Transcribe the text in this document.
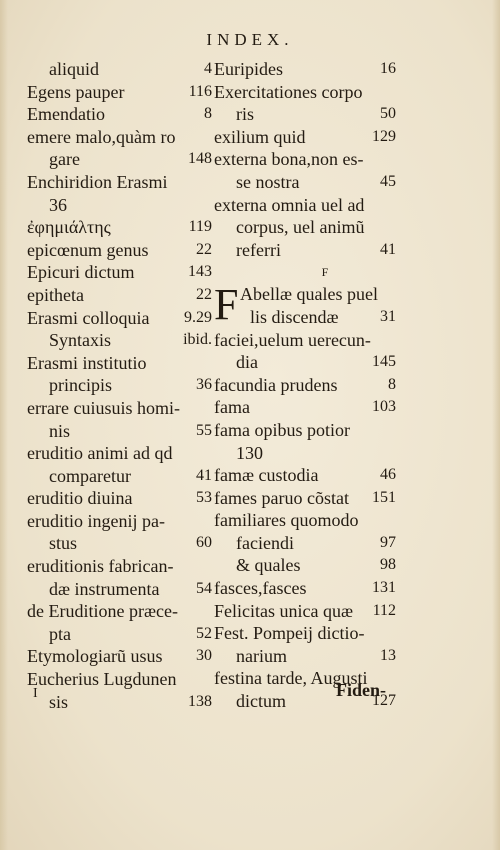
INDEX.
aliquid	4
Egens pauper	116
Emendatio	8
emere malo,quàm ro
gare	148
Enchiridion Erasmi
36
ἐφημιάλτης	119
epicœnum genus	22
Epicuri dictum	143
epitheta	22
Erasmi colloquia 9.29
Syntaxis	ibid.
Erasmi institutio
principis	36
errare cuiusuis homi-
nis	55
eruditio animi ad qd
comparetur	41
eruditio diuina	53
eruditio ingenij pa-
stus	60
eruditionis fabrican-
dæ instrumenta 54
de Eruditione præce-
pta	52
Etymologiarũ usus 30
Eucherius Lugdunen
sis	138
Euripides	16
Exercitationes corpo
ris	50
exilium quid	129
externa bona,non es-
se nostra	45
externa omnia uel ad
corpus, uel animũ
referri	41
F
F Abellæ quales puel
lis discendæ	31
faciei,uelum uerecun-
dia	145
facundia prudens	8
fama	103
fama opibus potior
130
famæ custodia	46
fames paruo cõstat 151
familiares quomodo
faciendi	97
& quales	98
fasces,fasces	131
Felicitas unica quæ 112
Fest. Pompeij dictio-
narium	13
festina tarde, Augusti
dictum	127
I	Fiden-
